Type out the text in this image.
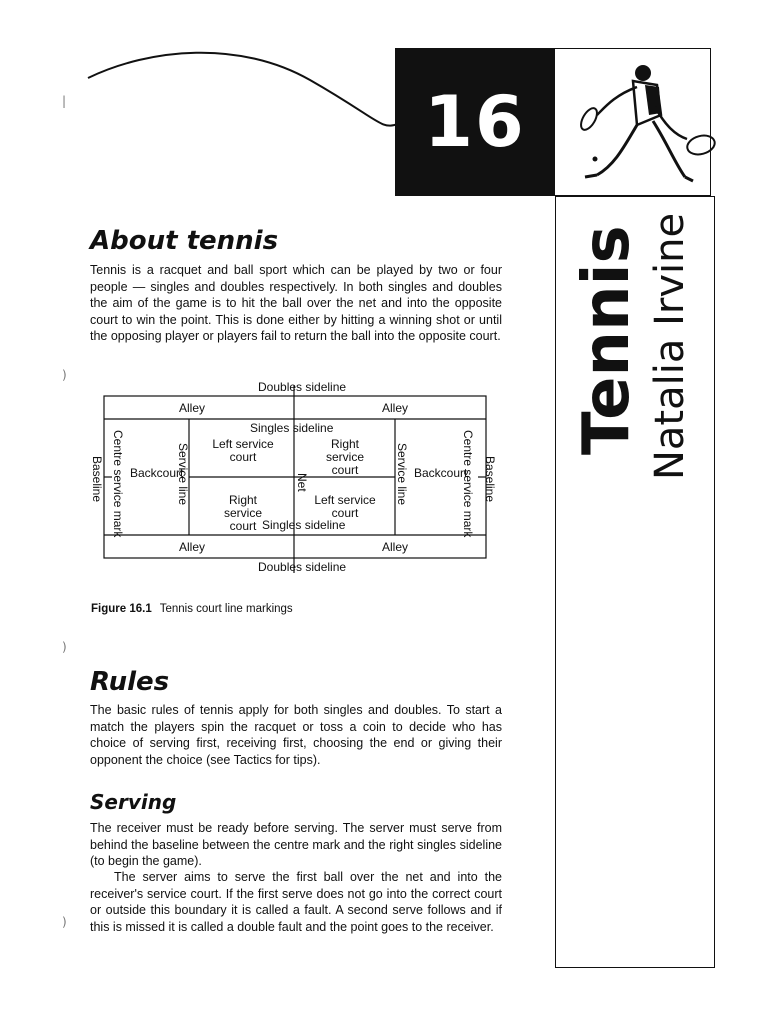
16
Tennis Natalia Irvine
About tennis

Tennis is a racquet and ball sport which can be played by two or four people — singles and doubles respectively. In both singles and doubles the aim of the game is to hit the ball over the net and into the opposite court to win the point. This is done either by hitting a winning shot or until the opposing player or players fail to return the ball into the opposite court.

Doubles sideline
Alley	Alley
Singles sideline
Left service court
Right service court
Right service court
Left service court
Backcourt	Backcourt
Singles sideline
Alley	Alley
Doubles sideline
Baseline Centre service mark	Service line	Net	Service line	Centre service mark Baseline
Figure 16.1 Tennis court line markings
Rules

The basic rules of tennis apply for both singles and doubles. To start a match the players spin the racquet or toss a coin to decide who has choice of serving first, receiving first, choosing the end or giving their opponent the choice (see Tactics for tips).

Serving

The receiver must be ready before serving. The server must serve from behind the baseline between the centre mark and the right singles sideline (to begin the game).

The server aims to serve the first ball over the net and into the receiver's service court. If the first serve does not go into the correct court or outside this boundary it is called a fault. A second serve follows and if this is missed it is called a double fault and the point goes to the receiver.

|
)
)
)
